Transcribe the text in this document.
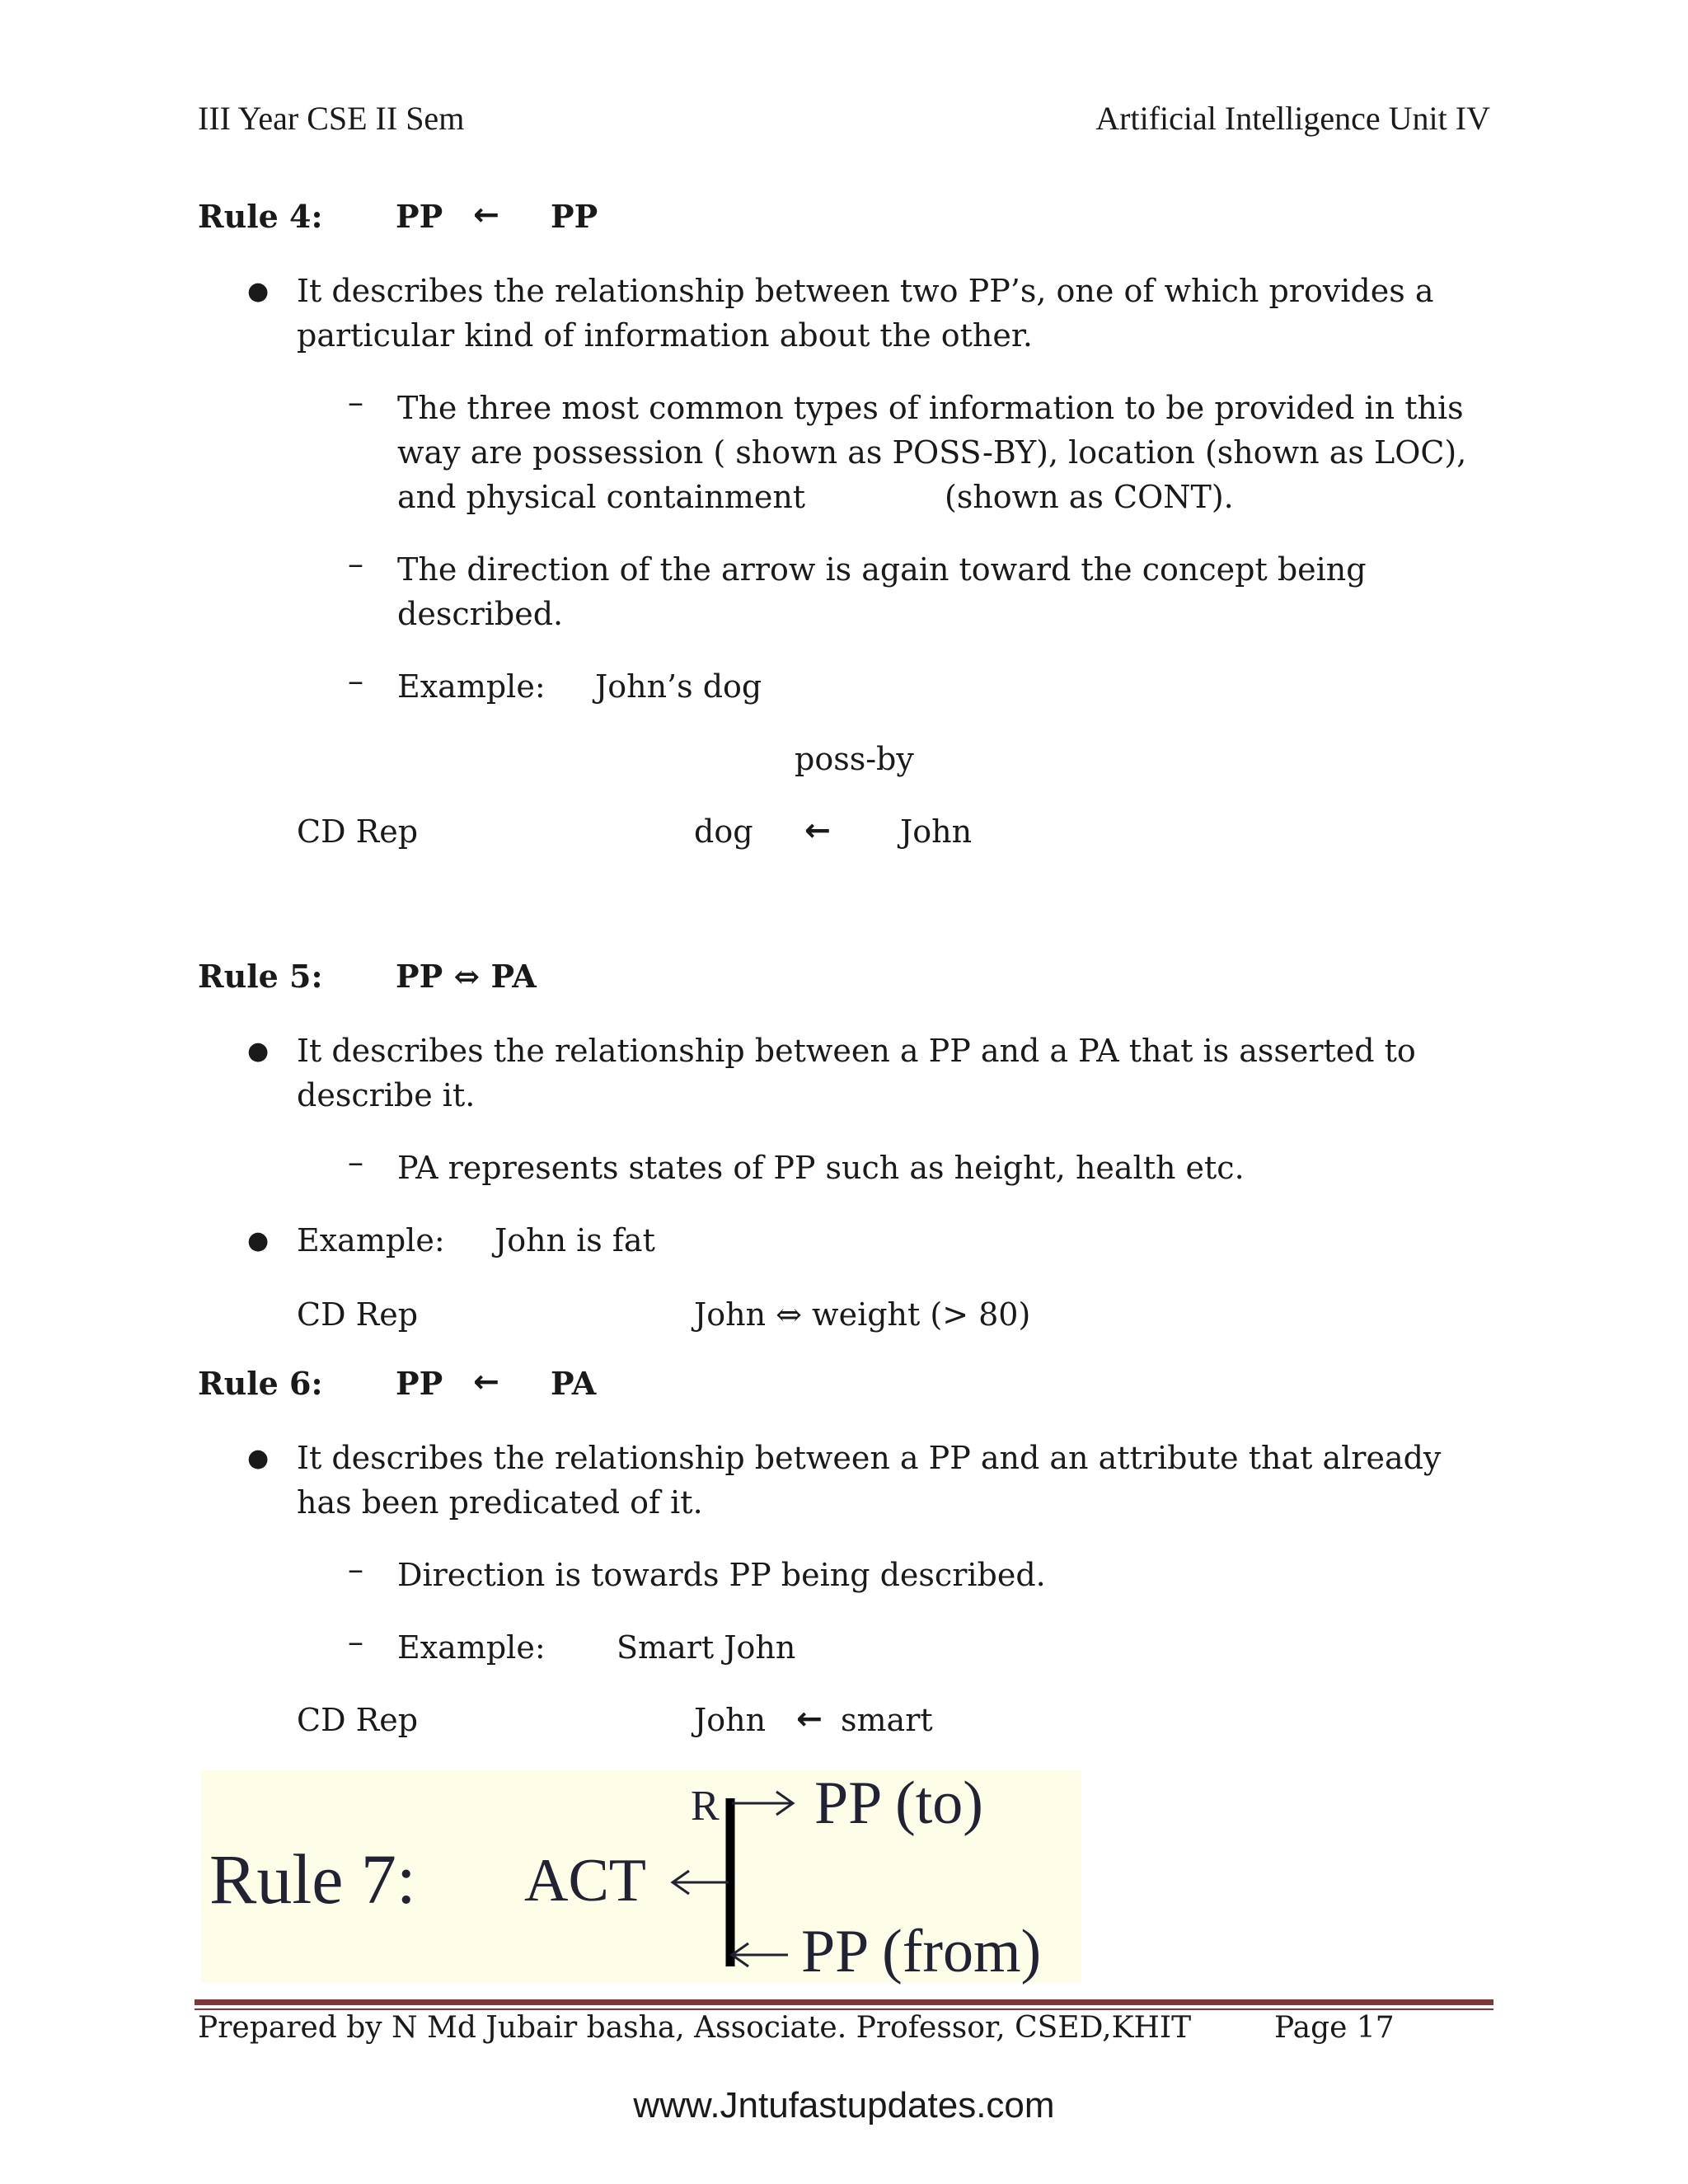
III Year CSE II Sem	Artificial Intelligence Unit IV
Rule 4: PP ← PP
● It describes the relationship between two PP’s, one of which provides a
particular kind of information about the other.
– The three most common types of information to be provided in this
way are possession ( shown as POSS-BY), location (shown as LOC),
and physical containment	(shown as CONT).
– The direction of the arrow is again toward the concept being
described.
– Example: John’s dog
poss-by
CD Rep	dog ← John
Rule 5: PP ⇔ PA
● It describes the relationship between a PP and a PA that is asserted to
describe it.
– PA represents states of PP such as height, health etc.
● Example: John is fat
CD Rep	John ⇔ weight (> 80)
Rule 6: PP ← PA
● It describes the relationship between a PP and an attribute that already
has been predicated of it.
– Direction is towards PP being described.
– Example: Smart John
CD Rep	John ← smart
Rule 7: ACT
R PP (to)
PP (from)
Prepared by N Md Jubair basha, Associate. Professor, CSED,KHIT	Page 17
www.Jntufastupdates.com
